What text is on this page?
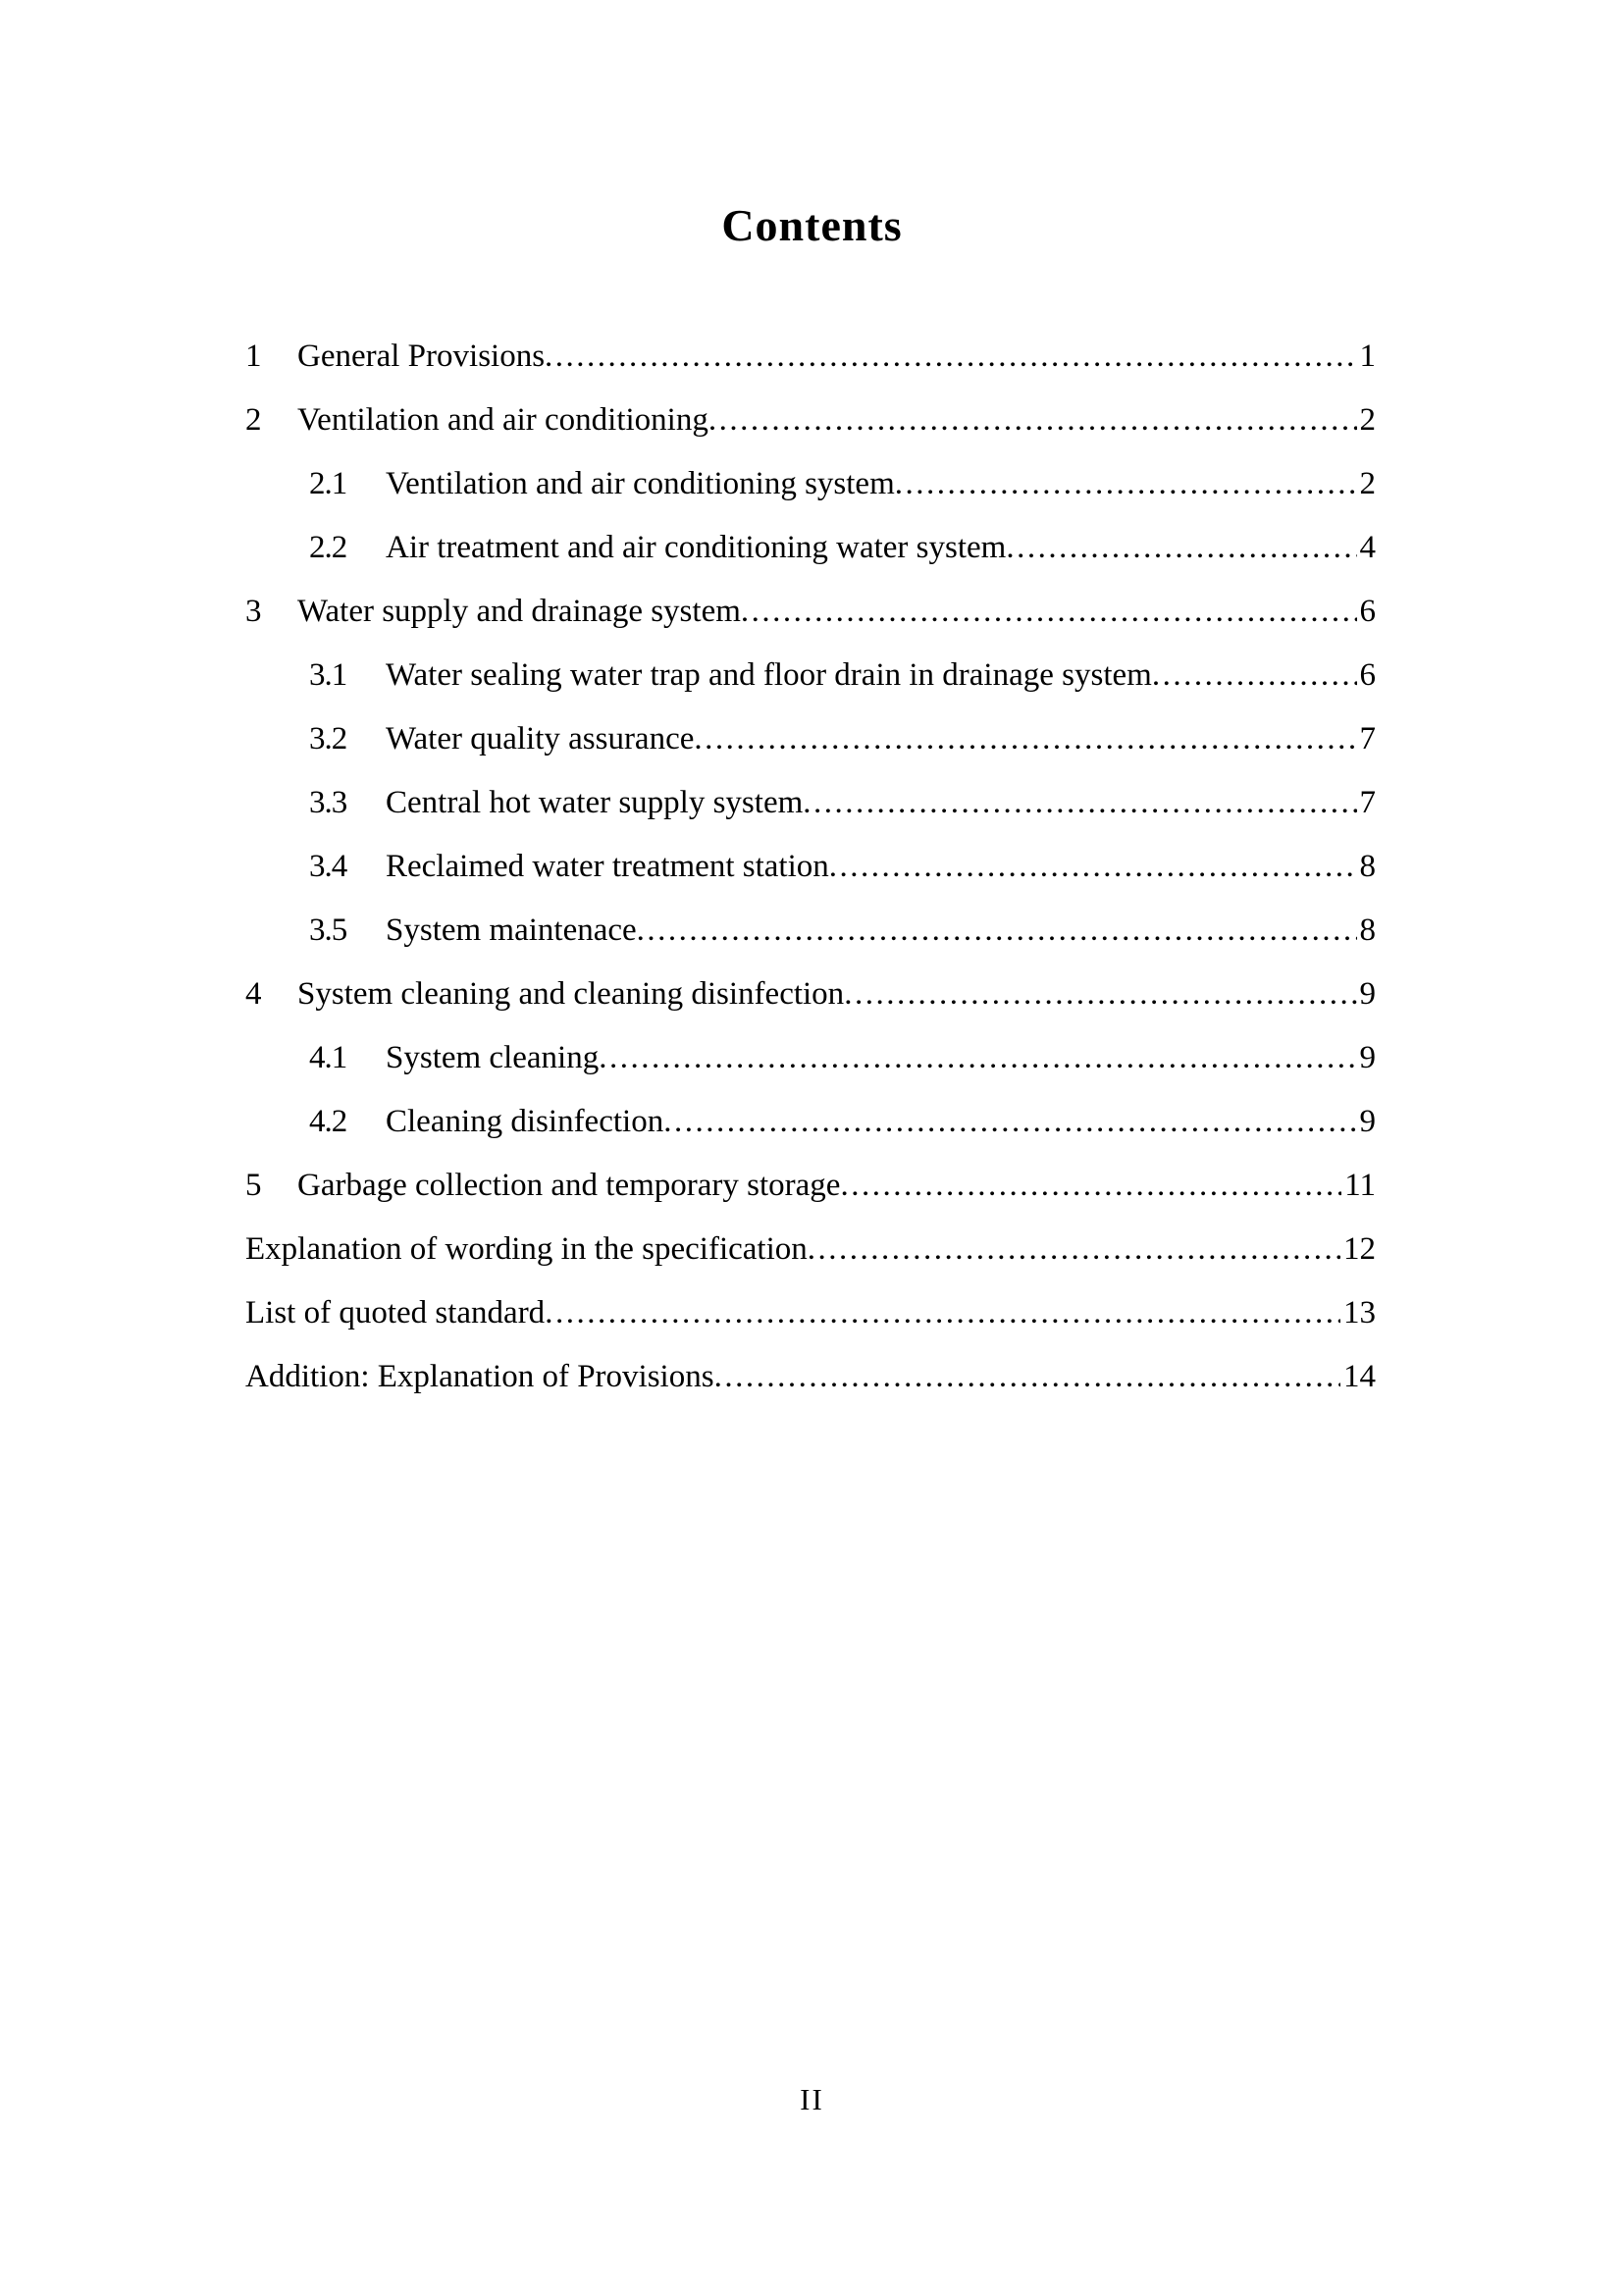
Contents
1	General Provisions .....	1
2	Ventilation and air conditioning .....	2
2.1	Ventilation and air conditioning system .....	2
2.2	Air treatment and air conditioning water system .....	4
3	Water supply and drainage system .....	6
3.1	Water sealing water trap and floor drain in drainage system .....	6
3.2	Water quality assurance .....	7
3.3	Central hot water supply system .....	7
3.4	Reclaimed water treatment station .....	8
3.5	System maintenace .....	8
4	System cleaning and cleaning disinfection .....	9
4.1	System cleaning .....	9
4.2	Cleaning disinfection .....	9
5	Garbage collection and temporary storage .....	11
Explanation of wording in the specification .....	12
List of quoted standard .....	13
Addition: Explanation of Provisions .....	14
II
